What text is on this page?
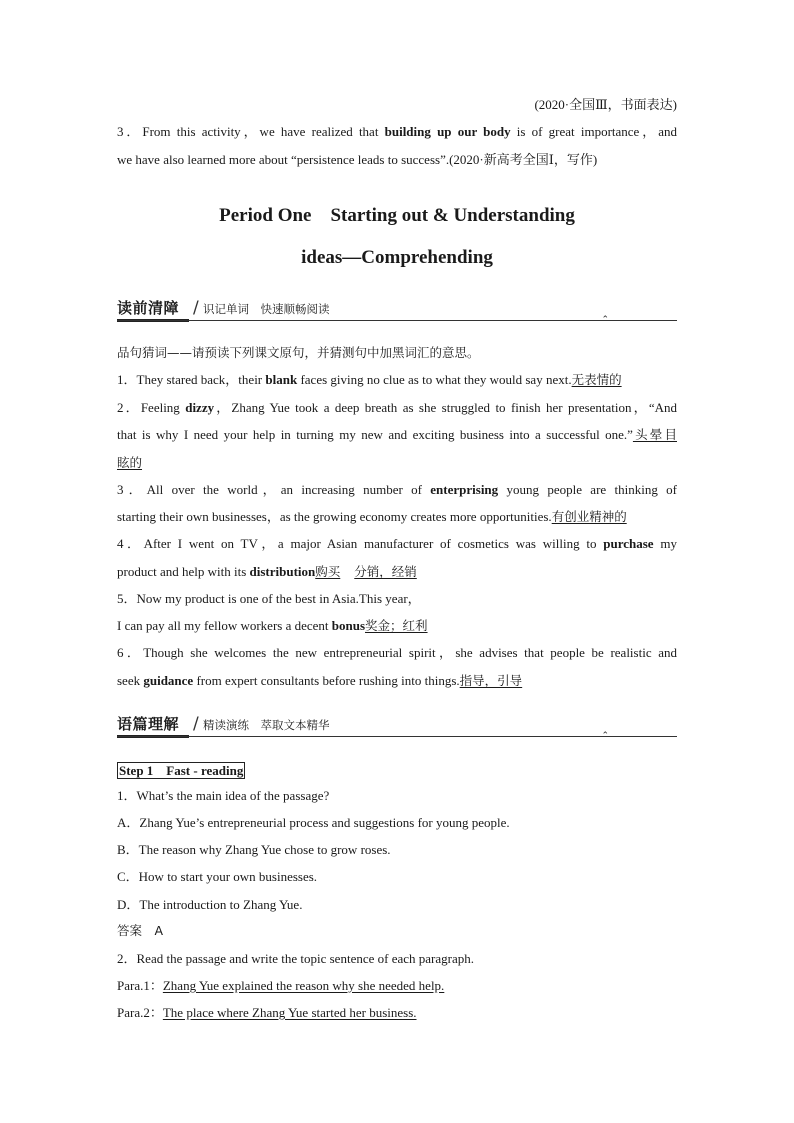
(2020·全国Ⅲ，书面表达)
3．From this activity，we have realized that building up our body is of great importance，and
we have also learned more about “persistence leads to success”.(2020·新高考全国Ⅰ，写作)
Period One　Starting out & Understanding
ideas—Comprehending
读前清障 / 识记单词　快速顺畅阅读
⌃
品句猜词——请预读下列课文原句，并猜测句中加黑词汇的意思。
1．They stared back，their blank faces giving no clue as to what they would say next.无表情的
2．Feeling dizzy，Zhang Yue took a deep breath as she struggled to finish her presentation，“And
that is why I need your help in turning my new and exciting business into a successful one.”头晕目
眩的
3．All over the world，an increasing number of enterprising young people are thinking of
starting their own businesses，as the growing economy creates more opportunities.有创业精神的
4．After I went on TV，a major Asian manufacturer of cosmetics was willing to purchase my
product and help with its distribution购买 分销，经销
5．Now my product is one of the best in Asia.This year，
I can pay all my fellow workers a decent bonus奖金；红利
6．Though she welcomes the new entrepreneurial spirit，she advises that people be realistic and
seek guidance from expert consultants before rushing into things.指导，引导
语篇理解 / 精读演练　萃取文本精华
⌃
Step 1　Fast - reading
1．What’s the main idea of the passage?
A．Zhang Yue’s entrepreneurial process and suggestions for young people.
B．The reason why Zhang Yue chose to grow roses.
C．How to start your own businesses.
D．The introduction to Zhang Yue.
答案　A
2．Read the passage and write the topic sentence of each paragraph.
Para.1：Zhang Yue explained the reason why she needed help.
Para.2：The place where Zhang Yue started her business.
